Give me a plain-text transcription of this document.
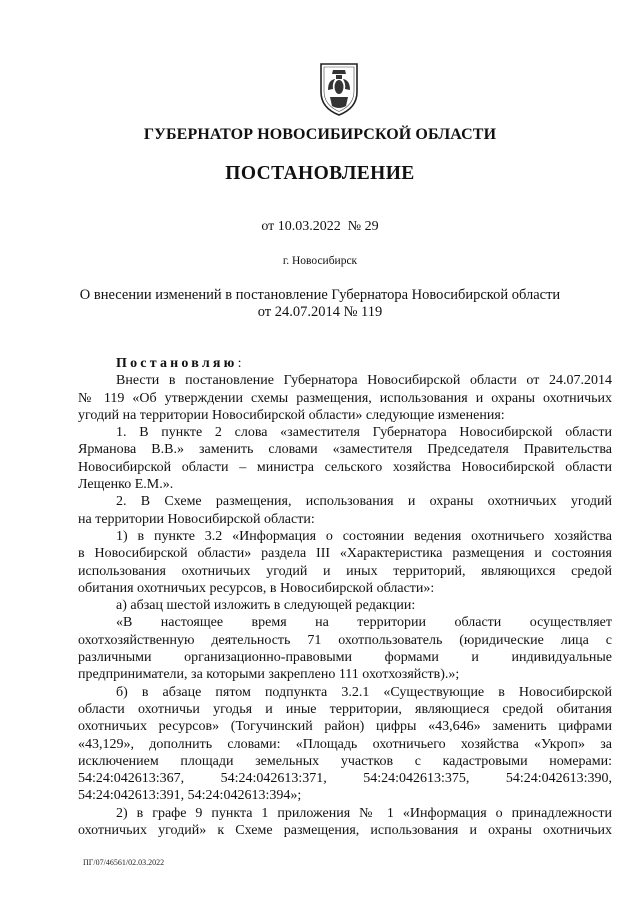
ГУБЕРНАТОР НОВОСИБИРСКОЙ ОБЛАСТИ
ПОСТАНОВЛЕНИЕ
от 10.03.2022  № 29
г. Новосибирск
О внесении изменений в постановление Губернатора Новосибирской области
от 24.07.2014 № 119
Постановляю:
Внести в постановление Губернатора Новосибирской области от 24.07.2014
№ 119 «Об утверждении схемы размещения, использования и охраны охотничьих
угодий на территории Новосибирской области» следующие изменения:
1. В пункте 2 слова «заместителя Губернатора Новосибирской области
Ярманова В.В.» заменить словами «заместителя Председателя Правительства
Новосибирской области – министра сельского хозяйства Новосибирской области
Лещенко Е.М.».
2. В Схеме размещения, использования и охраны охотничьих угодий
на территории Новосибирской области:
1) в пункте 3.2 «Информация о состоянии ведения охотничьего хозяйства
в Новосибирской области» раздела III «Характеристика размещения и состояния
использования охотничьих угодий и иных территорий, являющихся средой
обитания охотничьих ресурсов, в Новосибирской области»:
а) абзац шестой изложить в следующей редакции:
«В настоящее время на территории области осуществляет
охотхозяйственную деятельность 71 охотпользователь (юридические лица с
различными организационно-правовыми формами и индивидуальные
предприниматели, за которыми закреплено 111 охотхозяйств).»;
б) в абзаце пятом подпункта 3.2.1 «Существующие в Новосибирской
области охотничьи угодья и иные территории, являющиеся средой обитания
охотничьих ресурсов» (Тогучинский район) цифры «43,646» заменить цифрами
«43,129», дополнить словами: «Площадь охотничьего хозяйства «Укроп» за
исключением площади земельных участков с кадастровыми номерами:
54:24:042613:367, 54:24:042613:371, 54:24:042613:375, 54:24:042613:390,
54:24:042613:391, 54:24:042613:394»;
2) в графе 9 пункта 1 приложения № 1 «Информация о принадлежности
охотничьих угодий» к Схеме размещения, использования и охраны охотничьих
ПГ/07/46561/02.03.2022
